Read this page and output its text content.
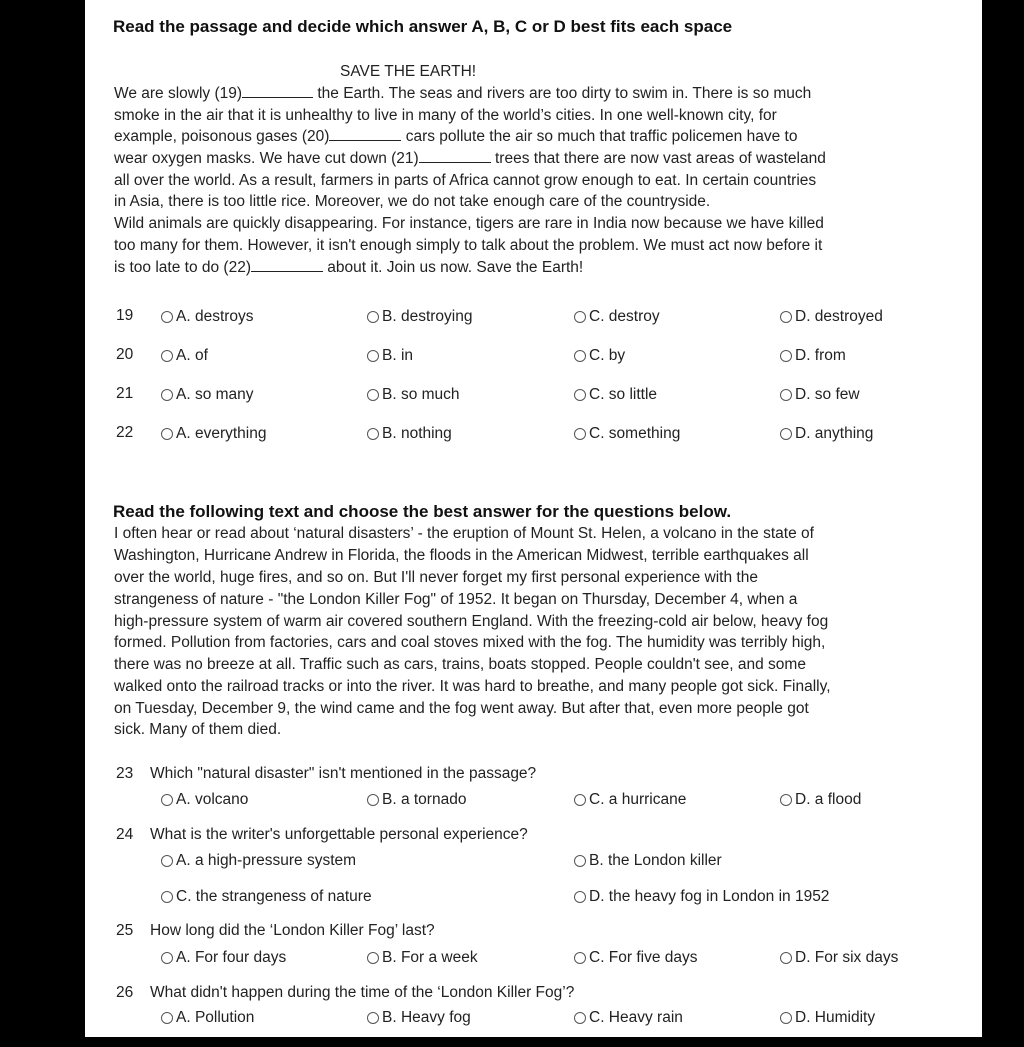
Read the passage and decide which answer A, B, C or D best fits each space
SAVE THE EARTH!
We are slowly (19)	the Earth. The seas and rivers are too dirty to swim in. There is so much
smoke in the air that it is unhealthy to live in many of the world’s cities. In one well-known city, for
example, poisonous gases (20)	cars pollute the air so much that traffic policemen have to
wear oxygen masks. We have cut down (21)	trees that there are now vast areas of wasteland
all over the world. As a result, farmers in parts of Africa cannot grow enough to eat. In certain countries
in Asia, there is too little rice. Moreover, we do not take enough care of the countryside.
Wild animals are quickly disappearing. For instance, tigers are rare in India now because we have killed
too many for them. However, it isn't enough simply to talk about the problem. We must act now before it
is too late to do (22)	about it. Join us now. Save the Earth!
19	A. destroys	B. destroying	C. destroy	D. destroyed
20	A. of	B. in	C. by	D. from
21	A. so many	B. so much	C. so little	D. so few
22	A. everything	B. nothing	C. something	D. anything
Read the following text and choose the best answer for the questions below.
I often hear or read about ‘natural disasters’ - the eruption of Mount St. Helen, a volcano in the state of
Washington, Hurricane Andrew in Florida, the floods in the American Midwest, terrible earthquakes all
over the world, huge fires, and so on. But I'll never forget my first personal experience with the
strangeness of nature - "the London Killer Fog" of 1952. It began on Thursday, December 4, when a
high-pressure system of warm air covered southern England. With the freezing-cold air below, heavy fog
formed. Pollution from factories, cars and coal stoves mixed with the fog. The humidity was terribly high,
there was no breeze at all. Traffic such as cars, trains, boats stopped. People couldn't see, and some
walked onto the railroad tracks or into the river. It was hard to breathe, and many people got sick. Finally,
on Tuesday, December 9, the wind came and the fog went away. But after that, even more people got
sick. Many of them died.
23 Which "natural disaster" isn't mentioned in the passage?
A. volcano	B. a tornado	C. a hurricane	D. a flood
24 What is the writer's unforgettable personal experience?
A. a high-pressure system	B. the London killer
C. the strangeness of nature	D. the heavy fog in London in 1952
25 How long did the ‘London Killer Fog’ last?
A. For four days	B. For a week	C. For five days	D. For six days
26 What didn't happen during the time of the ‘London Killer Fog’?
A. Pollution	B. Heavy fog	C. Heavy rain	D. Humidity
